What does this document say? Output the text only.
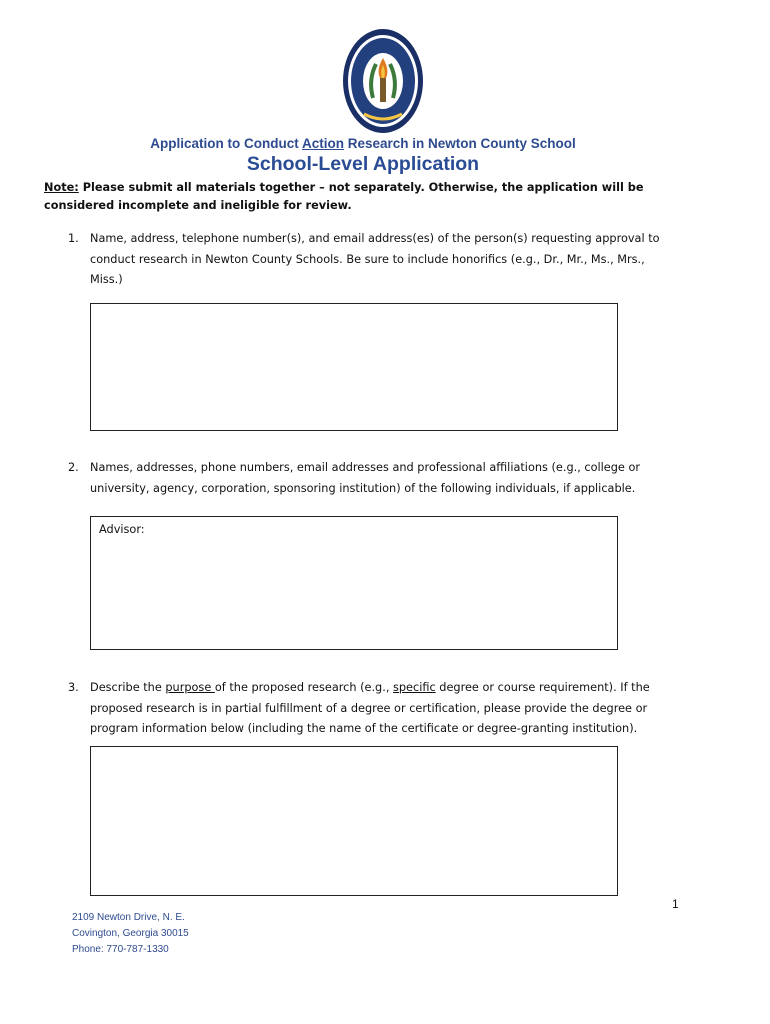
Application to Conduct Action Research in Newton County School
School-Level Application
Note: Please submit all materials together – not separately. Otherwise, the application will be considered incomplete and ineligible for review.
1. Name, address, telephone number(s), and email address(es) of the person(s) requesting approval to conduct research in Newton County Schools. Be sure to include honorifics (e.g., Dr., Mr., Ms., Mrs., Miss.)
2. Names, addresses, phone numbers, email addresses and professional affiliations (e.g., college or university, agency, corporation, sponsoring institution) of the following individuals, if applicable.
Advisor:
3. Describe the purpose of the proposed research (e.g., specific degree or course requirement). If the proposed research is in partial fulfillment of a degree or certification, please provide the degree or program information below (including the name of the certificate or degree-granting institution).
1
2109 Newton Drive, N. E.
Covington, Georgia 30015
Phone: 770-787-1330
